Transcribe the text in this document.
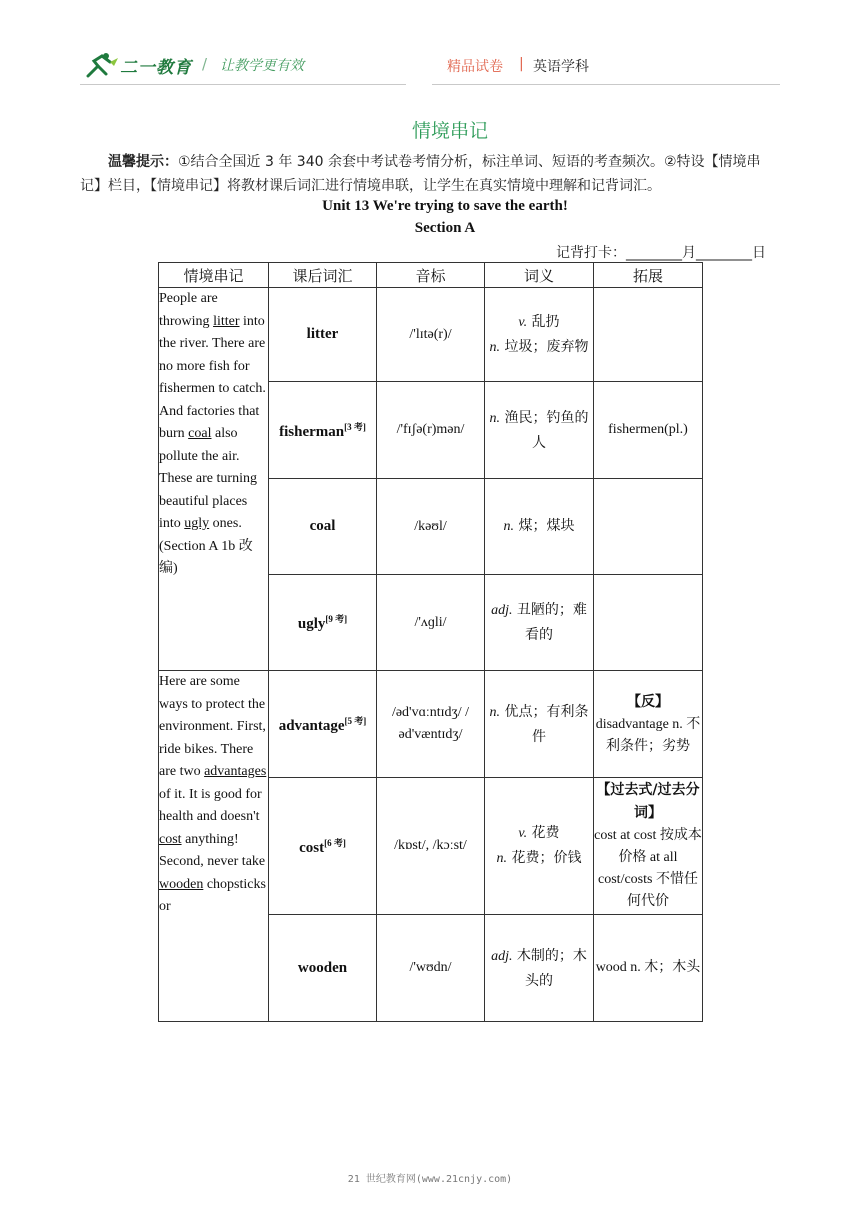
二一教育 / 让教学更有效	精品试卷 | 英语学科
情境串记
温馨提示：①结合全国近 3 年 340 余套中考试卷考情分析，标注单词、短语的考查频次。②特设【情境串记】栏目，【情境串记】将教材课后词汇进行情境串联，让学生在真实情境中理解和记背词汇。
Unit 13 We're trying to save the earth!
Section A
记背打卡：________月________日
情境串记	课后词汇	音标	词义	拓展
People are throwing litter into the river. There are no more fish for fishermen to catch. And factories that burn coal also pollute the air. These are turning beautiful places into ugly ones.(Section A 1b 改编)	litter	/'lɪtə(r)/	v. 乱扔
n. 垃圾；废弃物	
	fisherman[3 考]	/'fɪʃə(r)mən/	n. 渔民；钓鱼的人	fishermen(pl.)
	coal	/kəʊl/	n. 煤；煤块	
	ugly[9 考]	/'ʌɡli/	adj. 丑陋的；难看的	
Here are some ways to protect the environment. First, ride bikes. There are two advantages of it. It is good for health and doesn't cost anything! Second, never take wooden chopsticks or	advantage[5 考]	/əd'vɑːntɪdʒ/ /əd'væntɪdʒ/	n. 优点；有利条件	【反】
disadvantage n. 不利条件；劣势
	cost[6 考]	/kɒst/, /kɔːst/	v. 花费
n. 花费；价钱	【过去式/过去分词】
cost at cost 按成本价格 at all cost/costs 不惜任何代价
	wooden	/'wʊdn/	adj. 木制的；木头的	wood n. 木；木头
21 世纪教育网(www.21cnjy.com)
